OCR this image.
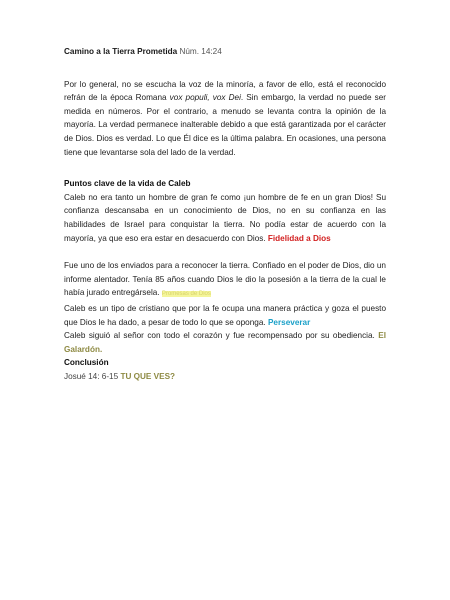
Camino a la Tierra Prometida Núm. 14:24

Por lo general, no se escucha la voz de la minoría, a favor de ello, está el reconocido refrán de la época Romana vox populi, vox Dei. Sin embargo, la verdad no puede ser medida en números. Por el contrario, a menudo se levanta contra la opinión de la mayoría. La verdad permanece inalterable debido a que está garantizada por el carácter de Dios. Dios es verdad. Lo que Él dice es la última palabra. En ocasiones, una persona tiene que levantarse sola del lado de la verdad.

Puntos clave de la vida de Caleb

Caleb no era tanto un hombre de gran fe como ¡un hombre de fe en un gran Dios! Su confianza descansaba en un conocimiento de Dios, no en su confianza en las habilidades de Israel para conquistar la tierra. No podía estar de acuerdo con la mayoría, ya que eso era estar en desacuerdo con Dios. Fidelidad a Dios

Fue uno de los enviados para a reconocer la tierra. Confiado en el poder de Dios, dio un informe alentador. Tenía 85 años cuando Dios le dio la posesión a la tierra de la cual le había jurado entregársela. Promesas de Dios

Caleb es un tipo de cristiano que por la fe ocupa una manera práctica y goza el puesto que Dios le ha dado, a pesar de todo lo que se oponga. Perseverar

Caleb siguió al señor con todo el corazón y fue recompensado por su obediencia. El Galardón.

Conclusión
Josué 14: 6-15 TU QUE VES?
